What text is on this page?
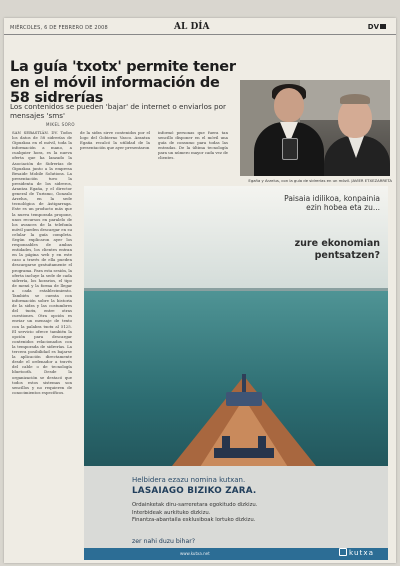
MIÉRCOLES, 6 DE FEBRERO DE 2008	AL DÍA	DV
La guía 'txotx' permite tener en el móvil información de 58 sidrerías
Los contenidos se pueden 'bajar' de internet o enviarlos por mensajes 'sms'
MIKEL SORO
SAN SEBASTIÁN. DV. Todos los datos de 58 sidrerías de Gipuzkoa en el móvil, toda la información a mano, a cualquier hora, es la nueva oferta que ha lanzado la Asociación de Sidrerías de Gipuzkoa junto a la empresa Besaide Mobile Solutions. La presentación tuvo la presidenta de los sidreros, Arantza Egaña, y el director general de Turismo, Gonzalo Arzelus, en la sede tecnológica de Astigarraga. Este es un producto más que la nueva temporada propone, unos recursos en paralelo de los avances de la telefonía móvil pueden descargar en su celular la guía completa. Según explicaron ayer los responsables de ambas entidades, los clientes entran en la página web y en este caso a través de ella pueden descargarse gratuitamente el programa. Para esta sesión, la oferta incluye la sede de cada sidrería, los horarios, el tipo de menú y la forma de llegar a cada establecimiento. También se cuenta con información sobre la historia de la sidra y las costumbres del txotx, entre otras cuestiones. Otra opción es enviar un mensaje de texto con la palabra txotx al 5125. El servicio ofrece también la opción para descargar contenidos relacionados con la temporada de sidrerías. La tercera posibilidad es bajarse la aplicación directamente desde el ordenador a través del cable o de tecnología bluetooth. Desde la organización se destacó que todos estos sistemas son sencillos y no requieren de conocimientos específicos.
de la sidra sirve contenidos por el logo del Gobierno Vasco. Arantza Egaña recalcó la utilidad de la presentación que ayer presentaron
informó personas que fuera tan sencillo disponer en el móvil una guía de consumo para todas las entradas. De la última tecnología para un número mayor cada vez de clientes.
Egaña y Arzelus, con la guía de sidrerías en un móvil. JAVIER ETXEZARRETA
Paisaia idilikoa, konpainia ezin hobea eta zu...
zure ekonomian pentsatzen?
Helbidera ezazu nomina kutxan.
LASAIAGO BIZIKO ZARA.
Ordainketak diru-sarreretara egokitudo dizkizu.
Interbideak aurkituko dizkizu.
Finantza-abantaila esklusiboak lortuko dizkizu.
zer nahi duzu bihar?
www.kutxa.net	kutxa
